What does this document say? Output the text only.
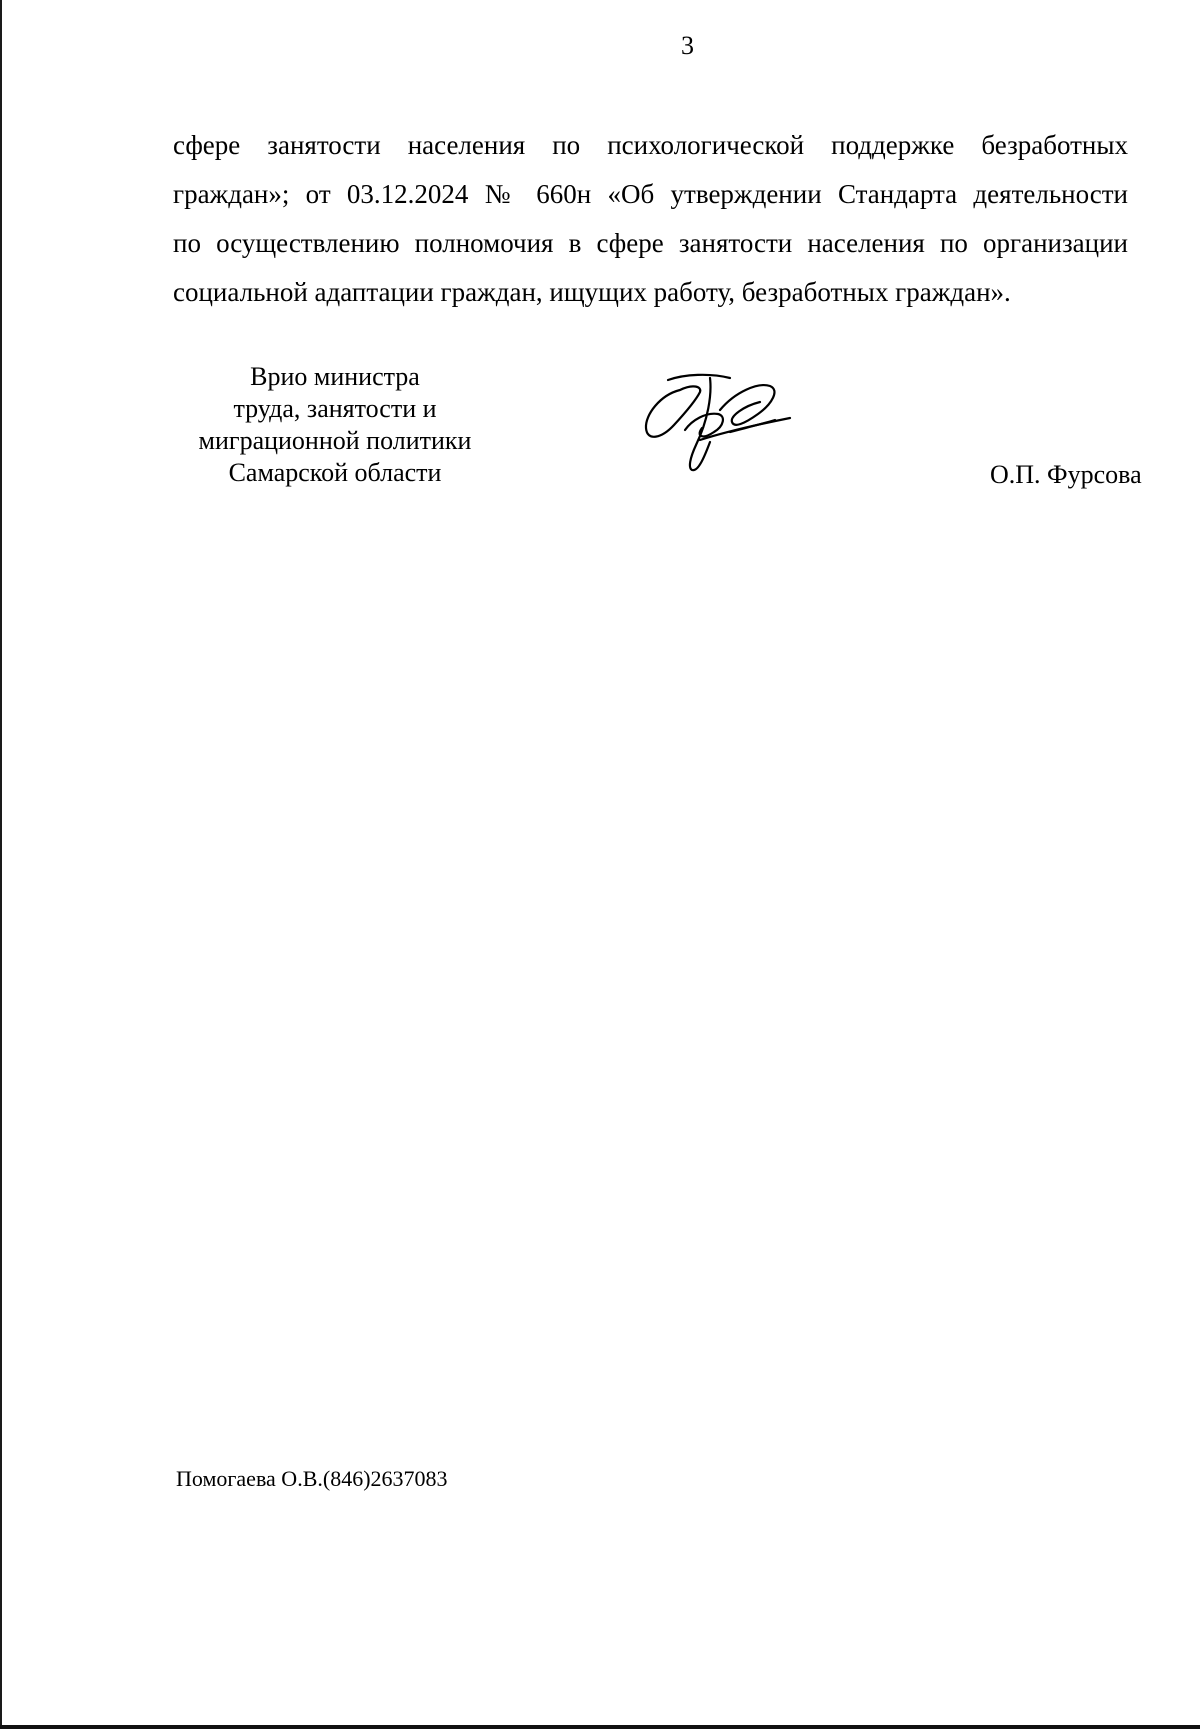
3
сфере занятости населения по психологической поддержке безработных
граждан»; от 03.12.2024 № 660н «Об утверждении Стандарта деятельности
по осуществлению полномочия в сфере занятости населения по организации
социальной адаптации граждан, ищущих работу, безработных граждан».
Врио министра
труда, занятости и
миграционной политики
Самарской области	О.П. Фурсова
Помогаева О.В.(846)2637083
